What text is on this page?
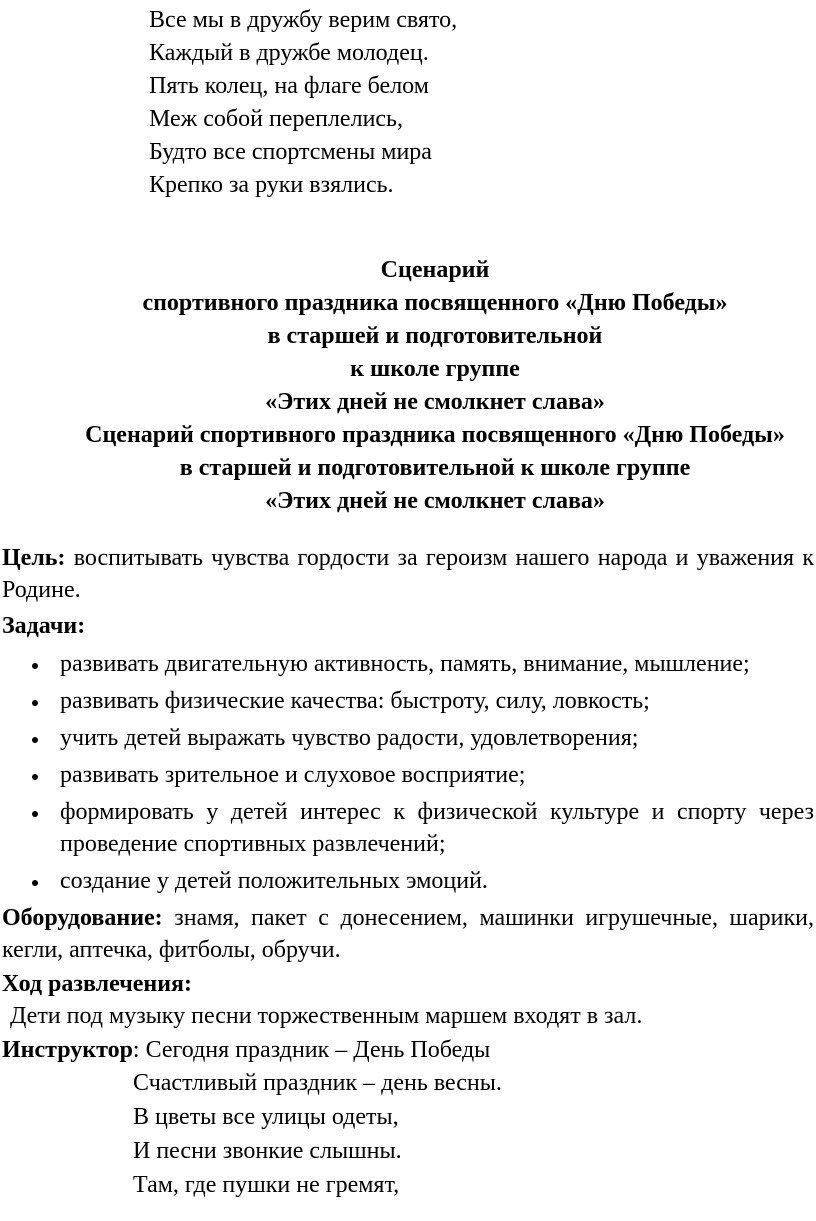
Все мы в дружбу верим свято,
Каждый в дружбе молодец.
Пять колец, на флаге белом
Меж собой переплелись,
Будто все спортсмены мира
Крепко за руки взялись.
Сценарий
спортивного праздника посвященного «Дню Победы»
в старшей и подготовительной
к школе группе
«Этих дней не смолкнет слава»
Сценарий спортивного праздника посвященного «Дню Победы»
в старшей и подготовительной к школе группе
«Этих дней не смолкнет слава»
Цель: воспитывать чувства гордости за героизм нашего народа и уважения к Родине.
Задачи:
развивать двигательную активность, память, внимание, мышление;
развивать физические качества: быстроту, силу, ловкость;
учить детей выражать чувство радости, удовлетворения;
развивать зрительное и слуховое восприятие;
формировать у детей интерес к физической культуре и спорту через проведение спортивных развлечений;
создание у детей положительных эмоций.
Оборудование: знамя, пакет с донесением, машинки игрушечные, шарики, кегли, аптечка, фитболы, обручи.
Ход развлечения:
Дети под музыку песни торжественным маршем входят в зал.
Инструктор: Сегодня праздник – День Победы
Счастливый праздник – день весны.
В цветы все улицы одеты,
И песни звонкие слышны.
Там, где пушки не гремят,
